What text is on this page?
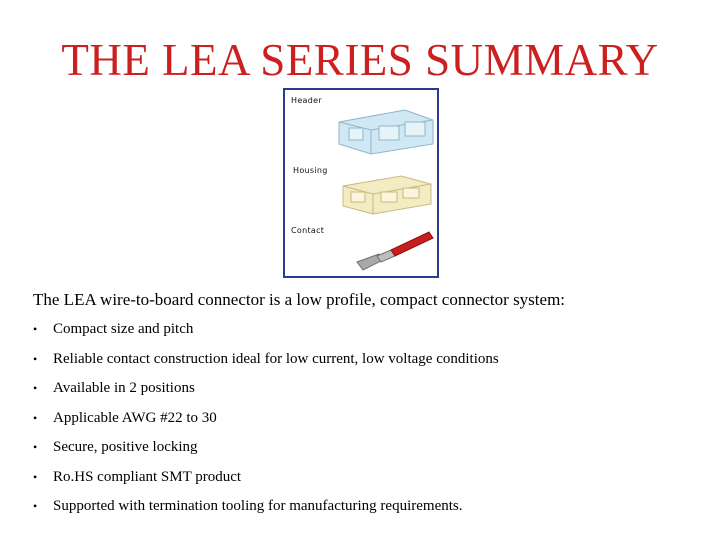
THE LEA SERIES SUMMARY
Header
Housing
Contact
The LEA wire-to-board connector is a low profile, compact connector system:
• Compact size and pitch
• Reliable contact construction ideal for low current, low voltage conditions
• Available in 2 positions
• Applicable AWG #22 to 30
• Secure, positive locking
• Ro.HS compliant SMT product
• Supported with termination tooling for manufacturing requirements.
